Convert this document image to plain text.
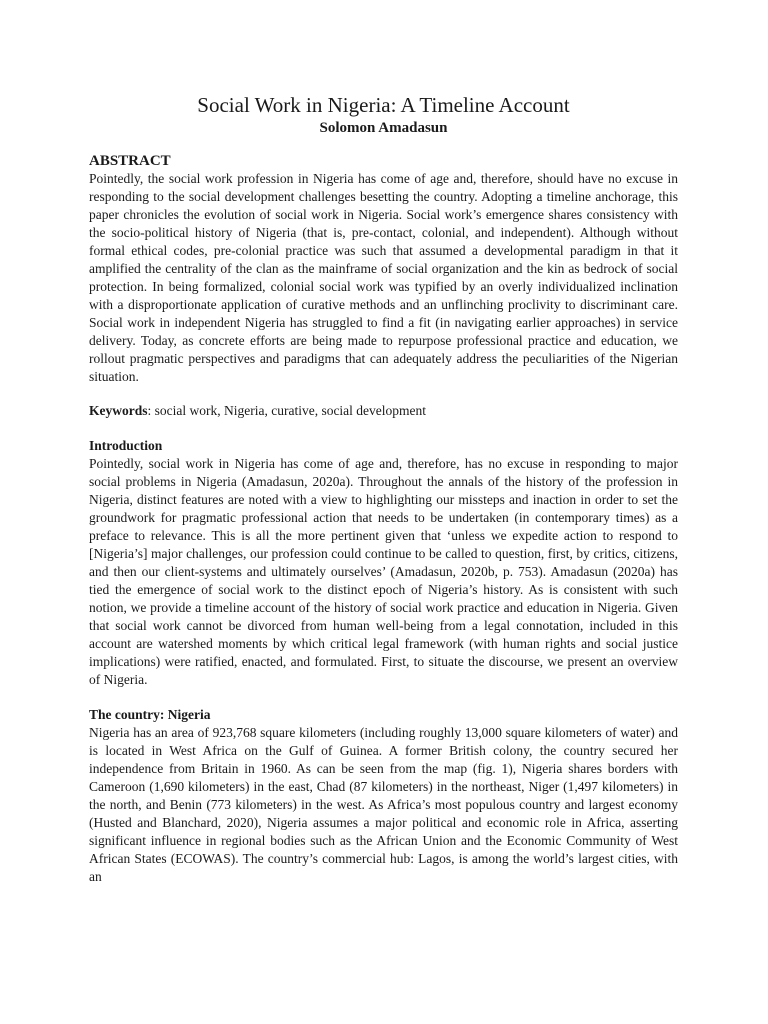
Social Work in Nigeria: A Timeline Account
Solomon Amadasun
ABSTRACT

Pointedly, the social work profession in Nigeria has come of age and, therefore, should have no excuse in responding to the social development challenges besetting the country. Adopting a timeline anchorage, this paper chronicles the evolution of social work in Nigeria. Social work’s emergence shares consistency with the socio-political history of Nigeria (that is, pre-contact, colonial, and independent). Although without formal ethical codes, pre-colonial practice was such that assumed a developmental paradigm in that it amplified the centrality of the clan as the mainframe of social organization and the kin as bedrock of social protection. In being formalized, colonial social work was typified by an overly individualized inclination with a disproportionate application of curative methods and an unflinching proclivity to discriminant care. Social work in independent Nigeria has struggled to find a fit (in navigating earlier approaches) in service delivery. Today, as concrete efforts are being made to repurpose professional practice and education, we rollout pragmatic perspectives and paradigms that can adequately address the peculiarities of the Nigerian situation.

Keywords: social work, Nigeria, curative, social development
Introduction

Pointedly, social work in Nigeria has come of age and, therefore, has no excuse in responding to major social problems in Nigeria (Amadasun, 2020a). Throughout the annals of the history of the profession in Nigeria, distinct features are noted with a view to highlighting our missteps and inaction in order to set the groundwork for pragmatic professional action that needs to be undertaken (in contemporary times) as a preface to relevance. This is all the more pertinent given that ‘unless we expedite action to respond to [Nigeria’s] major challenges, our profession could continue to be called to question, first, by critics, citizens, and then our client-systems and ultimately ourselves’ (Amadasun, 2020b, p. 753). Amadasun (2020a) has tied the emergence of social work to the distinct epoch of Nigeria’s history. As is consistent with such notion, we provide a timeline account of the history of social work practice and education in Nigeria. Given that social work cannot be divorced from human well-being from a legal connotation, included in this account are watershed moments by which critical legal framework (with human rights and social justice implications) were ratified, enacted, and formulated. First, to situate the discourse, we present an overview of Nigeria.

The country: Nigeria

Nigeria has an area of 923,768 square kilometers (including roughly 13,000 square kilometers of water) and is located in West Africa on the Gulf of Guinea. A former British colony, the country secured her independence from Britain in 1960. As can be seen from the map (fig. 1), Nigeria shares borders with Cameroon (1,690 kilometers) in the east, Chad (87 kilometers) in the northeast, Niger (1,497 kilometers) in the north, and Benin (773 kilometers) in the west. As Africa’s most populous country and largest economy (Husted and Blanchard, 2020), Nigeria assumes a major political and economic role in Africa, asserting significant influence in regional bodies such as the African Union and the Economic Community of West African States (ECOWAS). The country’s commercial hub: Lagos, is among the world’s largest cities, with an
